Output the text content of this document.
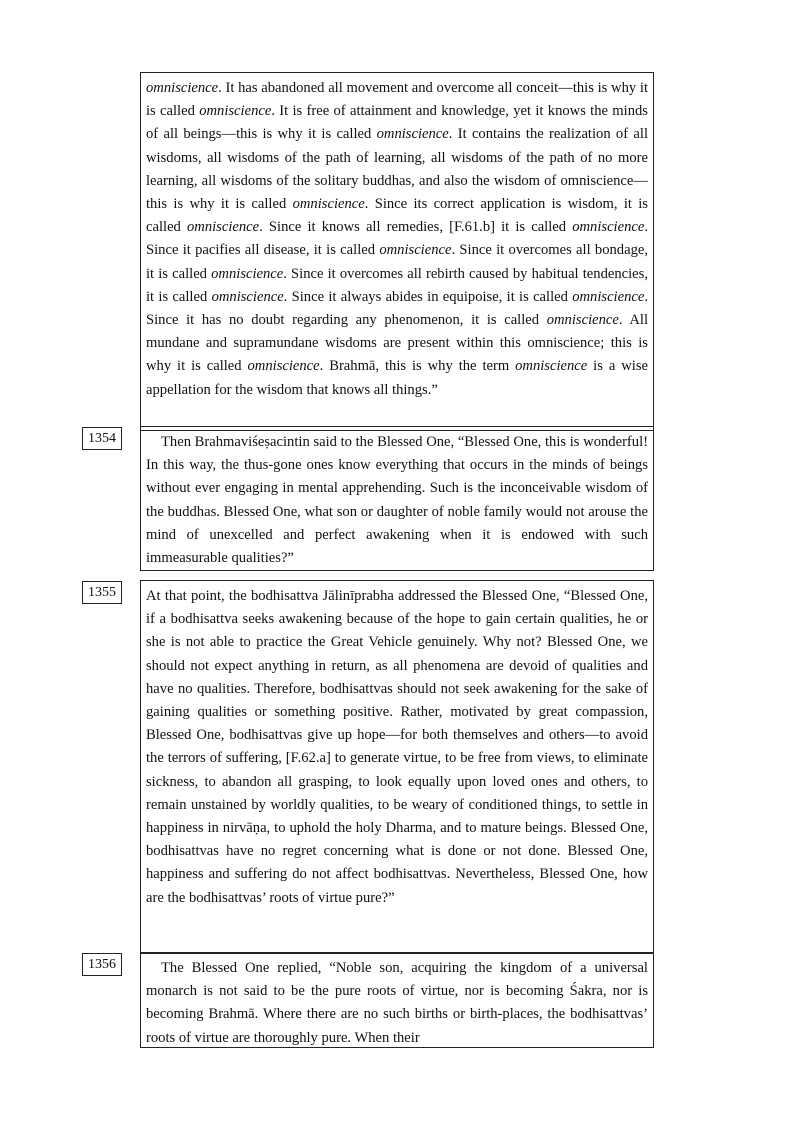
omniscience. It has abandoned all movement and overcome all conceit—this is why it is called omniscience. It is free of attainment and knowledge, yet it knows the minds of all beings—this is why it is called omniscience. It contains the realization of all wisdoms, all wisdoms of the path of learning, all wisdoms of the path of no more learning, all wisdoms of the solitary buddhas, and also the wisdom of omniscience—this is why it is called omniscience. Since its correct application is wisdom, it is called omniscience. Since it knows all remedies, [F.61.b] it is called omniscience. Since it pacifies all disease, it is called omniscience. Since it overcomes all bondage, it is called omniscience. Since it overcomes all rebirth caused by habitual tendencies, it is called omniscience. Since it always abides in equipoise, it is called omniscience. Since it has no doubt regarding any phenomenon, it is called omniscience. All mundane and supramundane wisdoms are present within this omniscience; this is why it is called omniscience. Brahmā, this is why the term omniscience is a wise appellation for the wisdom that knows all things.”

1354	Then Brahmaviśeṣacintin said to the Blessed One, “Blessed One, this is wonderful! In this way, the thus-gone ones know everything that occurs in the minds of beings without ever engaging in mental apprehending. Such is the inconceivable wisdom of the buddhas. Blessed One, what son or daughter of noble family would not arouse the mind of unexcelled and perfect awakening when it is endowed with such immeasurable qualities?”

1355	At that point, the bodhisattva Jālinīprabha addressed the Blessed One, “Blessed One, if a bodhisattva seeks awakening because of the hope to gain certain qualities, he or she is not able to practice the Great Vehicle genuinely. Why not? Blessed One, we should not expect anything in return, as all phenomena are devoid of qualities and have no qualities. Therefore, bodhisattvas should not seek awakening for the sake of gaining qualities or something positive. Rather, motivated by great compassion, Blessed One, bodhisattvas give up hope—for both themselves and others—to avoid the terrors of suffering, [F.62.a] to generate virtue, to be free from views, to eliminate sickness, to abandon all grasping, to look equally upon loved ones and others, to remain unstained by worldly qualities, to be weary of conditioned things, to settle in happiness in nirvāṇa, to uphold the holy Dharma, and to mature beings. Blessed One, bodhisattvas have no regret concerning what is done or not done. Blessed One, happiness and suffering do not affect bodhisattvas. Nevertheless, Blessed One, how are the bodhisattvas’ roots of virtue pure?”

1356	The Blessed One replied, “Noble son, acquiring the kingdom of a universal monarch is not said to be the pure roots of virtue, nor is becoming Śakra, nor is becoming Brahmā. Where there are no such births or birth-places, the bodhisattvas’ roots of virtue are thoroughly pure. When their
